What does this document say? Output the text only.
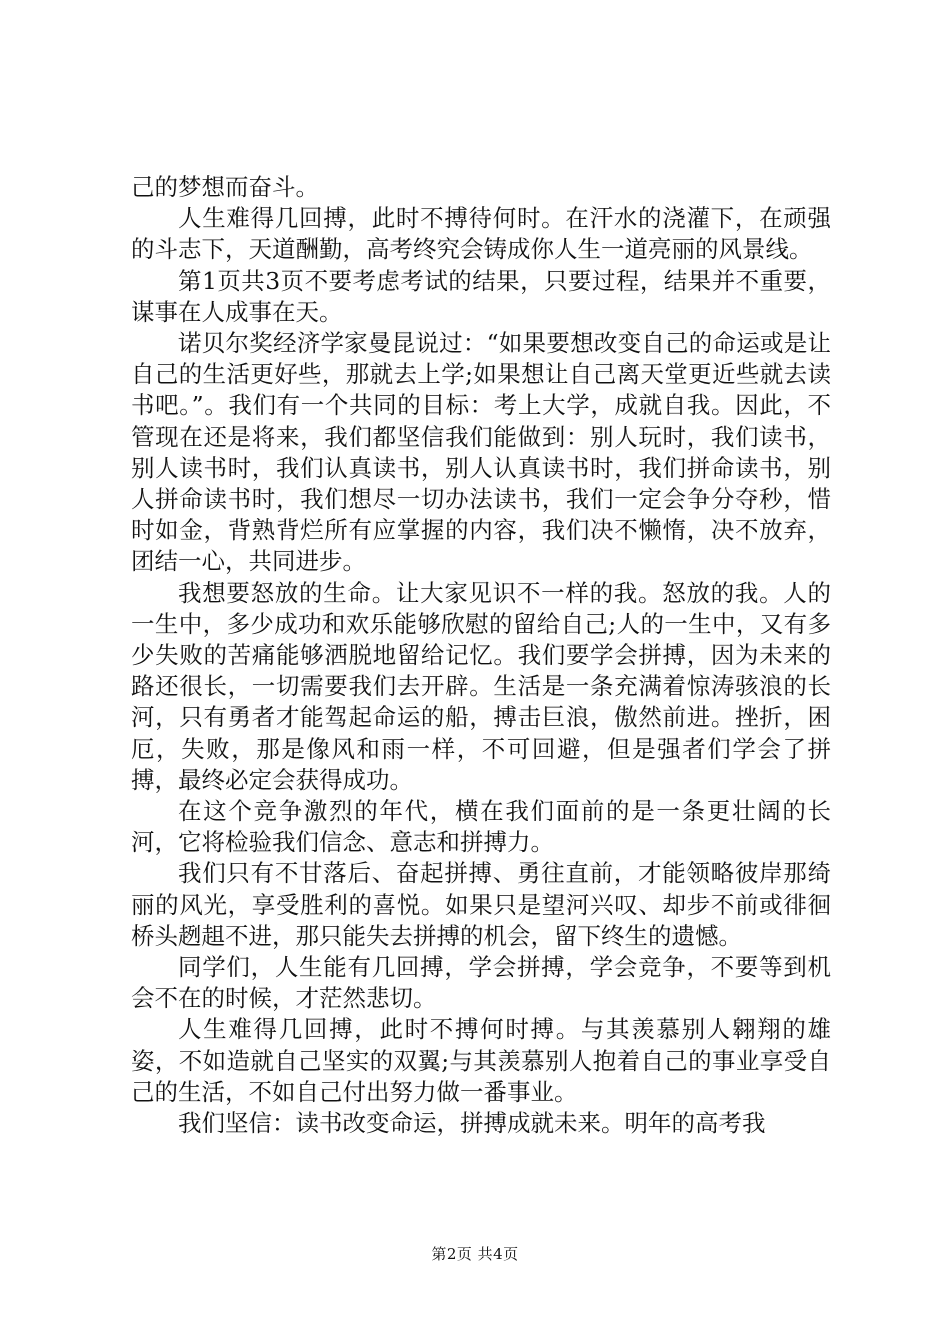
己的梦想而奋斗。

人生难得几回搏，此时不搏待何时。在汗水的浇灌下，在顽强的斗志下，天道酬勤，高考终究会铸成你人生一道亮丽的风景线。

第1页共3页不要考虑考试的结果，只要过程，结果并不重要，谋事在人成事在天。

诺贝尔奖经济学家曼昆说过：“如果要想改变自己的命运或是让自己的生活更好些，那就去上学;如果想让自己离天堂更近些就去读书吧。”。我们有一个共同的目标：考上大学，成就自我。因此，不管现在还是将来，我们都坚信我们能做到：别人玩时，我们读书，别人读书时，我们认真读书，别人认真读书时，我们拼命读书，别人拼命读书时，我们想尽一切办法读书，我们一定会争分夺秒，惜时如金，背熟背烂所有应掌握的内容，我们决不懒惰，决不放弃，团结一心，共同进步。

我想要怒放的生命。让大家见识不一样的我。怒放的我。人的一生中，多少成功和欢乐能够欣慰的留给自己;人的一生中，又有多少失败的苦痛能够洒脱地留给记忆。我们要学会拼搏，因为未来的路还很长，一切需要我们去开辟。生活是一条充满着惊涛骇浪的长河，只有勇者才能驾起命运的船，搏击巨浪，傲然前进。挫折，困厄，失败，那是像风和雨一样，不可回避，但是强者们学会了拼搏，最终必定会获得成功。

在这个竞争激烈的年代，横在我们面前的是一条更壮阔的长河，它将检验我们信念、意志和拼搏力。

我们只有不甘落后、奋起拼搏、勇往直前，才能领略彼岸那绮丽的风光，享受胜利的喜悦。如果只是望河兴叹、却步不前或徘徊桥头趔趄不进，那只能失去拼搏的机会，留下终生的遗憾。

同学们，人生能有几回搏，学会拼搏，学会竞争，不要等到机会不在的时候，才茫然悲切。

人生难得几回搏，此时不搏何时搏。与其羡慕别人翱翔的雄姿，不如造就自己坚实的双翼;与其羡慕别人抱着自己的事业享受自己的生活，不如自己付出努力做一番事业。

我们坚信：读书改变命运，拼搏成就未来。明年的高考我

第2页 共4页
